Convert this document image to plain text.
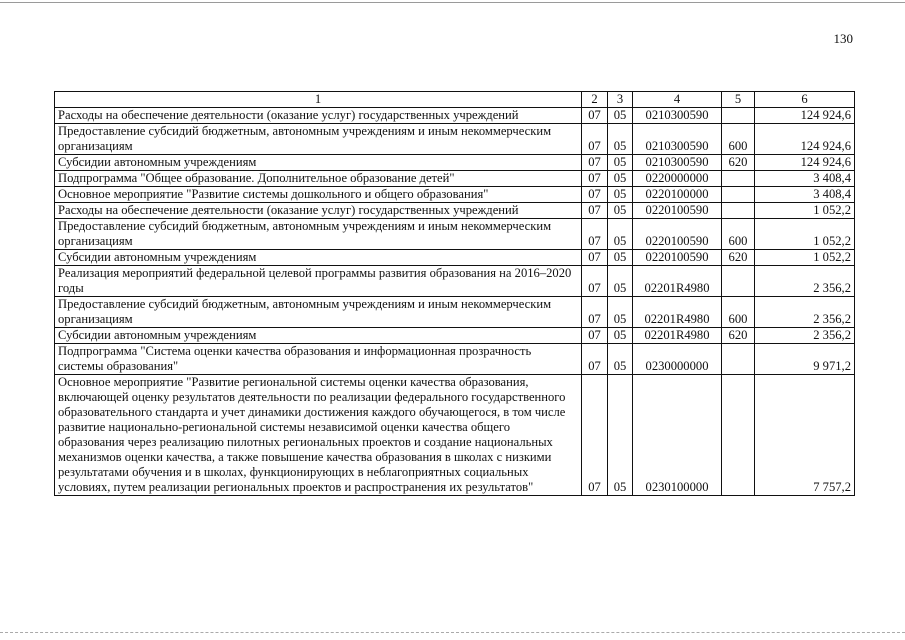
130
1	2	3	4	5	6
Расходы на обеспечение деятельности (оказание услуг) государственных учреждений	07	05	0210300590		124 924,6
Предоставление субсидий бюджетным, автономным учреждениям и иным некоммерческим организациям	07	05	0210300590	600	124 924,6
Субсидии автономным учреждениям	07	05	0210300590	620	124 924,6
Подпрограмма "Общее образование. Дополнительное образование детей"	07	05	0220000000		3 408,4
Основное мероприятие "Развитие системы дошкольного и общего образования"	07	05	0220100000		3 408,4
Расходы на обеспечение деятельности (оказание услуг) государственных учреждений	07	05	0220100590		1 052,2
Предоставление субсидий бюджетным, автономным учреждениям и иным некоммерческим организациям	07	05	0220100590	600	1 052,2
Субсидии автономным учреждениям	07	05	0220100590	620	1 052,2
Реализация мероприятий федеральной целевой программы развития образования на 2016–2020 годы	07	05	02201R4980		2 356,2
Предоставление субсидий бюджетным, автономным учреждениям и иным некоммерческим организациям	07	05	02201R4980	600	2 356,2
Субсидии автономным учреждениям	07	05	02201R4980	620	2 356,2
Подпрограмма "Система оценки качества образования и информационная прозрачность системы образования"	07	05	0230000000		9 971,2
Основное мероприятие "Развитие региональной системы оценки качества образования, включающей оценку результатов деятельности по реализации федерального государственного образовательного стандарта и учет динамики достижения каждого обучающегося, в том числе развитие национально-региональной системы независимой оценки качества общего образования через реализацию пилотных региональных проектов и создание национальных механизмов оценки качества, а также повышение качества образования в школах с низкими результатами обучения и в школах, функционирующих в неблагоприятных социальных условиях, путем реализации региональных проектов и распространения их результатов"	07	05	0230100000		7 757,2
